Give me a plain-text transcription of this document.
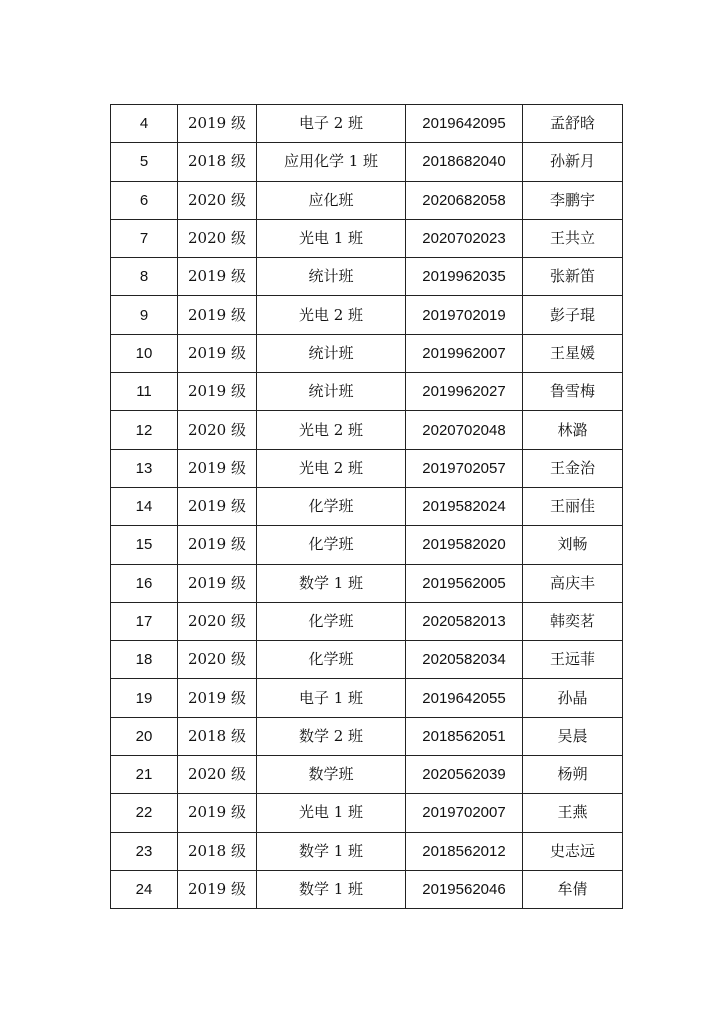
4	2019 级	电子 2 班	2019642095	孟舒晗
5	2018 级	应用化学 1 班	2018682040	孙新月
6	2020 级	应化班	2020682058	李鹏宇
7	2020 级	光电 1 班	2020702023	王共立
8	2019 级	统计班	2019962035	张新笛
9	2019 级	光电 2 班	2019702019	彭子琨
10	2019 级	统计班	2019962007	王星媛
11	2019 级	统计班	2019962027	鲁雪梅
12	2020 级	光电 2 班	2020702048	林潞
13	2019 级	光电 2 班	2019702057	王金治
14	2019 级	化学班	2019582024	王丽佳
15	2019 级	化学班	2019582020	刘畅
16	2019 级	数学 1 班	2019562005	高庆丰
17	2020 级	化学班	2020582013	韩奕茗
18	2020 级	化学班	2020582034	王远菲
19	2019 级	电子 1 班	2019642055	孙晶
20	2018 级	数学 2 班	2018562051	吴晨
21	2020 级	数学班	2020562039	杨朔
22	2019 级	光电 1 班	2019702007	王燕
23	2018 级	数学 1 班	2018562012	史志远
24	2019 级	数学 1 班	2019562046	牟倩
